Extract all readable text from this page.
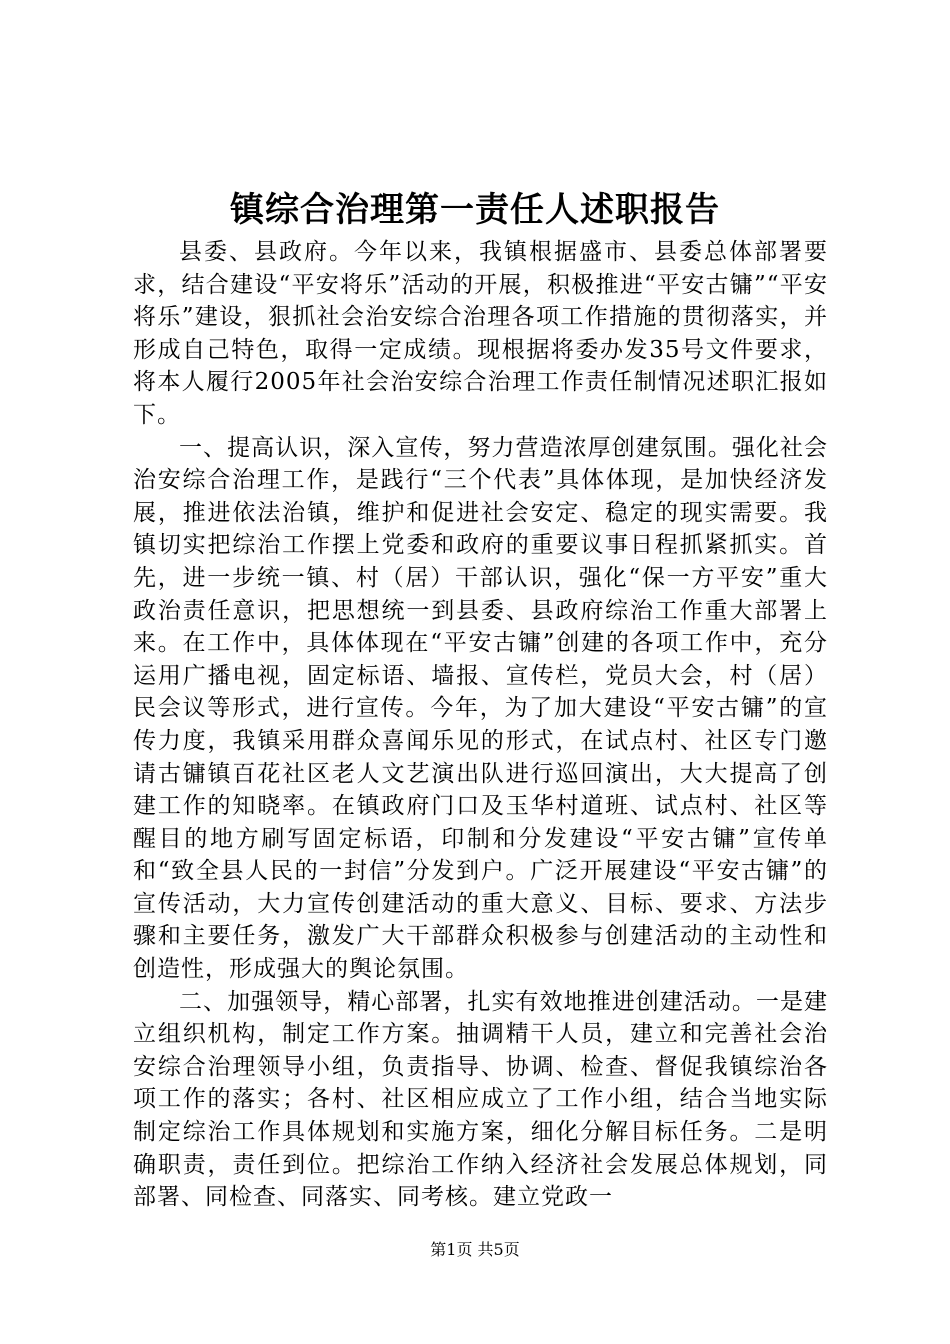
镇综合治理第一责任人述职报告

县委、县政府。今年以来，我镇根据盛市、县委总体部署要求，结合建设“平安将乐”活动的开展，积极推进“平安古镛”“平安将乐”建设，狠抓社会治安综合治理各项工作措施的贯彻落实，并形成自己特色，取得一定成绩。现根据将委办发35号文件要求，将本人履行2005年社会治安综合治理工作责任制情况述职汇报如下。

一、提高认识，深入宣传，努力营造浓厚创建氛围。强化社会治安综合治理工作，是践行“三个代表”具体体现，是加快经济发展，推进依法治镇，维护和促进社会安定、稳定的现实需要。我镇切实把综治工作摆上党委和政府的重要议事日程抓紧抓实。首先，进一步统一镇、村（居）干部认识，强化“保一方平安”重大政治责任意识，把思想统一到县委、县政府综治工作重大部署上来。在工作中，具体体现在“平安古镛”创建的各项工作中，充分运用广播电视，固定标语、墙报、宣传栏，党员大会，村（居）民会议等形式，进行宣传。今年，为了加大建设“平安古镛”的宣传力度，我镇采用群众喜闻乐见的形式，在试点村、社区专门邀请古镛镇百花社区老人文艺演出队进行巡回演出，大大提高了创建工作的知晓率。在镇政府门口及玉华村道班、试点村、社区等醒目的地方刷写固定标语，印制和分发建设“平安古镛”宣传单和“致全县人民的一封信”分发到户。广泛开展建设“平安古镛”的宣传活动，大力宣传创建活动的重大意义、目标、要求、方法步骤和主要任务，激发广大干部群众积极参与创建活动的主动性和创造性，形成强大的舆论氛围。

二、加强领导，精心部署，扎实有效地推进创建活动。一是建立组织机构，制定工作方案。抽调精干人员，建立和完善社会治安综合治理领导小组，负责指导、协调、检查、督促我镇综治各项工作的落实；各村、社区相应成立了工作小组，结合当地实际制定综治工作具体规划和实施方案，细化分解目标任务。二是明确职责，责任到位。把综治工作纳入经济社会发展总体规划，同部署、同检查、同落实、同考核。建立党政一

第1页 共5页
